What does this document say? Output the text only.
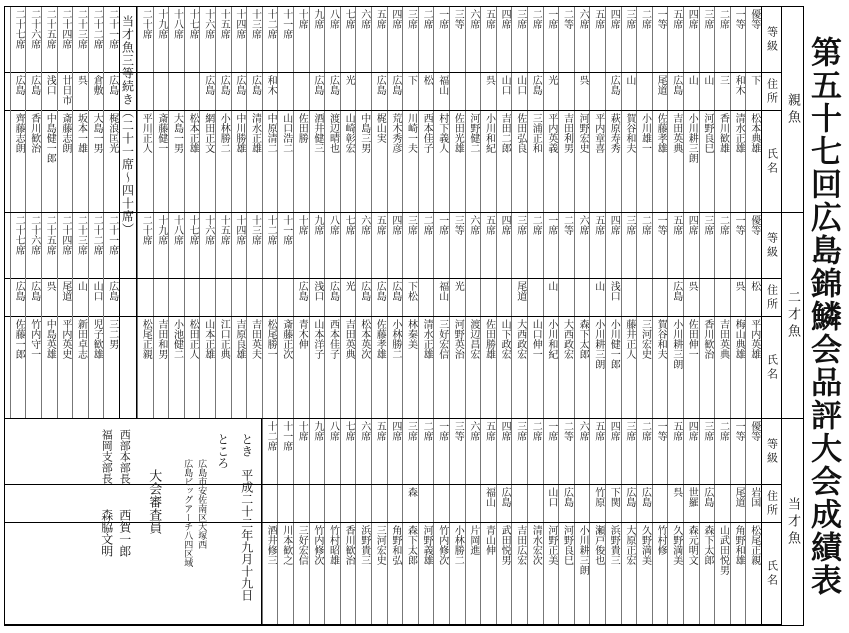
第五十七回広島錦鱗会品評大会成績表
親魚
等級
住所
氏名
優等
下
松本典雄
一等
和木
清水正雄
二席
三
香川歓雄
三席
山
河野良巳
四席
山
小川耕三朗
五席
広島
吉田英典
一等
尾道
佐藤孝雄
二席
小川雄一
三席
山
賀谷和夫
四席
広島
萩原寿秀
五席
平内章喜
六席
呉
河野宏史
二等
吉田利男
一席
光
平内英義
二席
広島
三浦正和
三席
山口
佐田弘良
四席
山口
吉田二郎
五席
呉
小川和紀
六席
河野健二
三等
佐田光雄
一席
福山
村下義人
二席
松
西本佳子
三席
下
川崎一夫
四席
広島
荒木秀彦
五席
広島
梶山実
六席
中島三男
七席
光
山崎彰宏
八席
広島
渡辺晴也
九席
広島
酒井健三
十席
佐田勝
十一席
山口浩二
十二席
和木
中原清二
十三席
広島
清水正雄
十四席
広島
中川勝雄
十五席
広島
小林勝二
十六席
広島
網田正文
十七席
松本正雄
十八席
大島一男
十九席
斎藤健一
二十席
平川正人
当才魚三等続き（二十一席～四十席）
二十一席
広島
梶浪匡光
二十二席
倉敷
大島一男
二十三席
呉
坂本一雄
二十四席
廿日市
斎藤志朗
二十五席
浅口
中島健一郎
二十六席
広島
香川歓治
二十七席
広島
齊藤志朗
二才魚
等級
住所
氏名
優等
松
平内英雄
一等
呉
梅山典雄
二席
吉田英典
三席
香川歓治
四席
呉
佐田伸一
五席
広島
小川耕三朗
一等
賀谷和夫
二席
三河宏史
三席
藤井正人
四席
浅口
小川健一郎
五席
山
小川耕三朗
六席
森下太郎
二等
大西政宏
一席
山
小川和紀
二席
山口伸一
三席
尾道
大西政宏
四席
山下政宏
五席
佐田勝雄
六席
渡辺昌宏
三等
光
河野英治
一席
福山
三好宏信
二席
清水正雄
三席
下松
林秦美
四席
広島
小林勝二
五席
広島
佐藤孝雄
六席
広島
松本英次
七席
光
吉田英典
八席
広島
西本佳子
九席
浅口
山本洋子
十席
広島
青木伸
十一席
斎藤正次
十二席
松尾勝一
十三席
吉田英夫
十四席
吉原良雄
十五席
江口正典
十六席
山本正雄
十七席
松田正人
十八席
小池健二
十九席
吉田和男
二十席
松尾正親
二十一席
広島
三二男
二十二席
山口
児子歓雄
二十三席
山
新田卓志
二十四席
尾道
平内英史
二十五席
呉
中島英雄
二十六席
広島
竹内守一
二十七席
広島
佐藤一郎
当才魚
等級
住所
氏名
優等
岩国
松尾正親
一等
尾道
角野和雄
二席
山武田悦男
三席
広島
森下太郎
四席
世羅
森元明文
五席
呉
久野満美
一等
竹村修
二席
広島
久野満美
三席
広島
大原正宏
四席
下関
浜野貴三
五席
竹原
瀬戸俊也
六席
小川耕三朗
二等
広島
河野良巳
一席
山口
河野正美
二席
清水宏次
三席
吉田広宏
四席
広島
武田悦男
五席
福山
青山伸
六席
片岡進
三等
小林勝二
一席
竹内修次
二席
河野義雄
三席
森
森下太郎
四席
角野和弘
五席
三河宏史
六席
浜野貴三
七席
香川歓治
八席
竹村昭雄
九席
竹内修次
十席
三好宏信
十一席
川本歓之
十二席
酒井修三
とき　平成二十二年九月十九日
ところ
広島市安佐南区大塚西
広島ビッグアーチ八四区域
大会審査員
西部本部長
西賀一郎
福岡支部長
森脇文明
